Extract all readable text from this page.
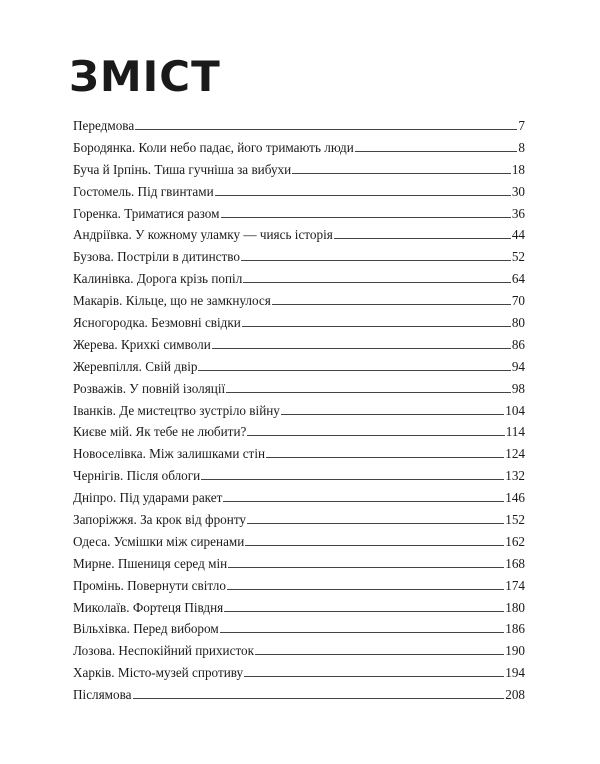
ЗМІСТ
Передмова	7
Бородянка. Коли небо падає, його тримають люди	8
Буча й Ірпінь. Тиша гучніша за вибухи	18
Гостомель. Під гвинтами	30
Горенка. Триматися разом	36
Андріївка. У кожному уламку — чиясь історія	44
Бузова. Постріли в дитинство	52
Калинівка. Дорога крізь попіл	64
Макарів. Кільце, що не замкнулося	70
Ясногородка. Безмовні свідки	80
Жерева. Крихкі символи	86
Жеревпілля. Свій двір	94
Розважів. У повній ізоляції	98
Іванків. Де мистецтво зустріло війну	104
Києве мій. Як тебе не любити?	114
Новоселівка. Між залишками стін	124
Чернігів. Після облоги	132
Дніпро. Під ударами ракет	146
Запоріжжя. За крок від фронту	152
Одеса. Усмішки між сиренами	162
Мирне. Пшениця серед мін	168
Промінь. Повернути світло	174
Миколаїв. Фортеця Півдня	180
Вільхівка. Перед вибором	186
Лозова. Неспокійний прихисток	190
Харків. Місто-музей спротиву	194
Післямова	208
